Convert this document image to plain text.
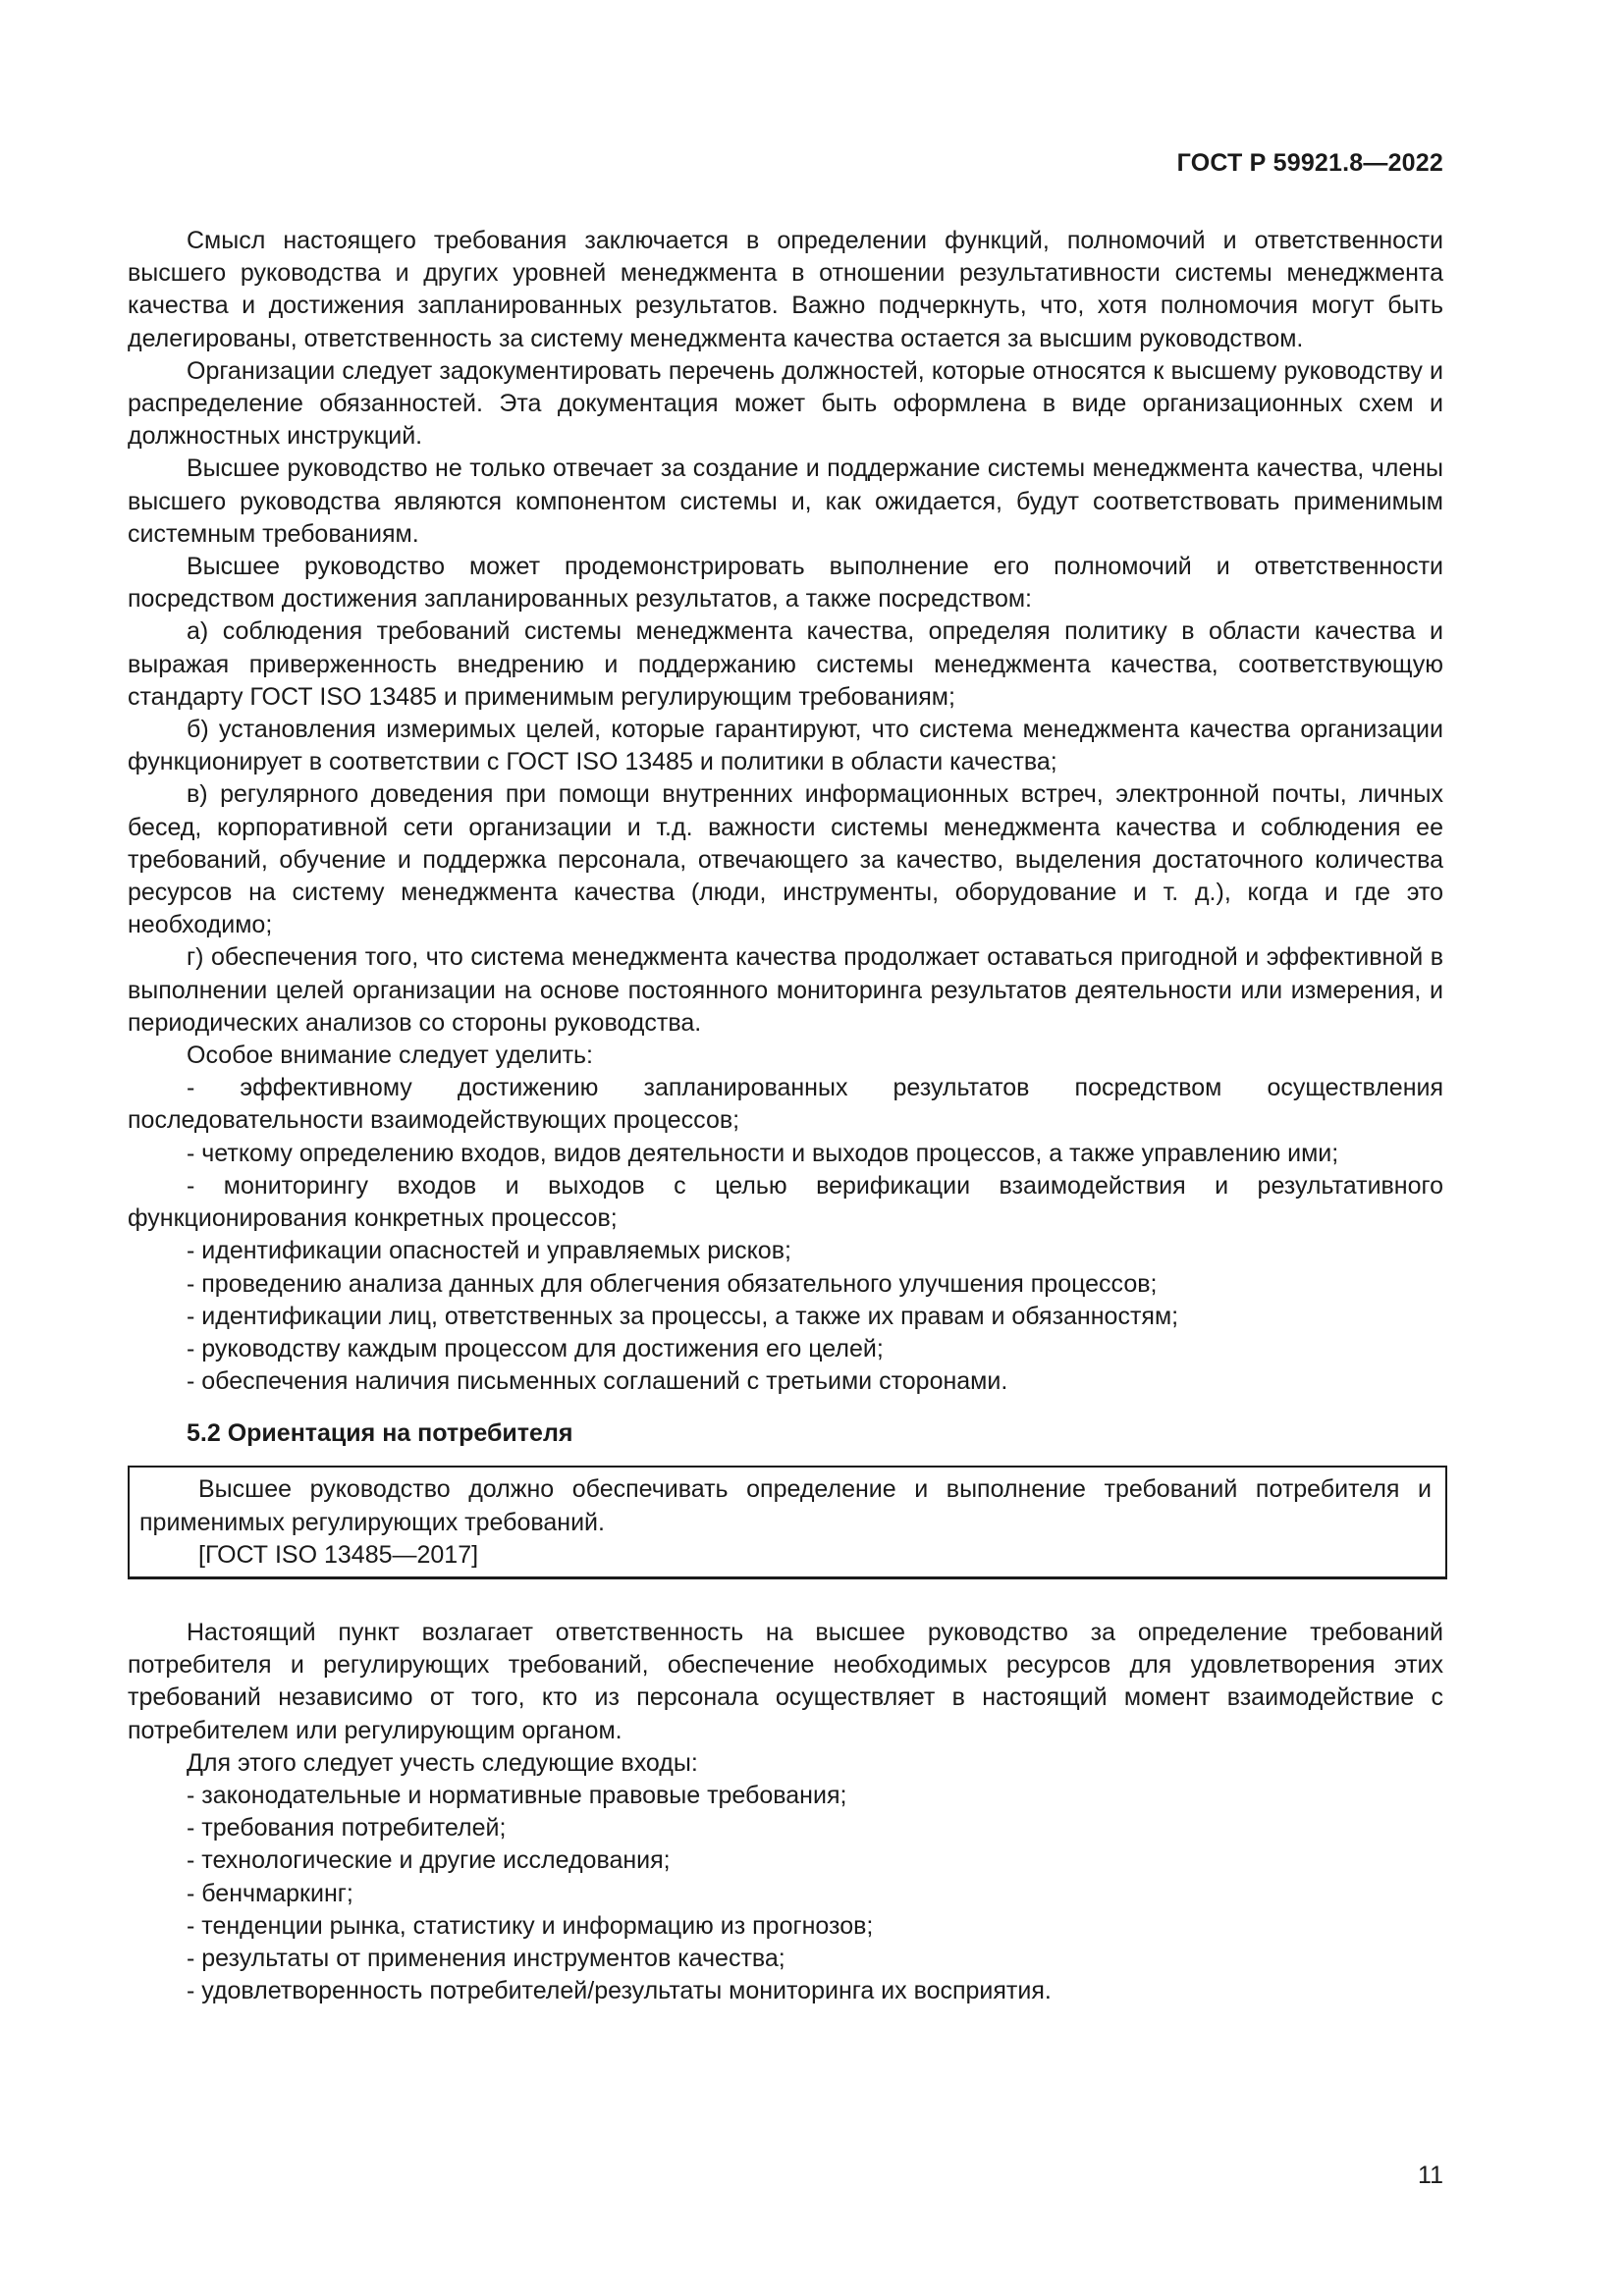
ГОСТ Р 59921.8—2022

Смысл настоящего требования заключается в определении функций, полномочий и ответственности высшего руководства и других уровней менеджмента в отношении результативности системы менеджмента качества и достижения запланированных результатов. Важно подчеркнуть, что, хотя полномочия могут быть делегированы, ответственность за систему менеджмента качества остается за высшим руководством.

Организации следует задокументировать перечень должностей, которые относятся к высшему руководству и распределение обязанностей. Эта документация может быть оформлена в виде организационных схем и должностных инструкций.

Высшее руководство не только отвечает за создание и поддержание системы менеджмента качества, члены высшего руководства являются компонентом системы и, как ожидается, будут соответствовать применимым системным требованиям.

Высшее руководство может продемонстрировать выполнение его полномочий и ответственности посредством достижения запланированных результатов, а также посредством:

а) соблюдения требований системы менеджмента качества, определяя политику в области качества и выражая приверженность внедрению и поддержанию системы менеджмента качества, соответствующую стандарту ГОСТ ISO 13485 и применимым регулирующим требованиям;

б) установления измеримых целей, которые гарантируют, что система менеджмента качества организации функционирует в соответствии с ГОСТ ISO 13485 и политики в области качества;

в) регулярного доведения при помощи внутренних информационных встреч, электронной почты, личных бесед, корпоративной сети организации и т.д. важности системы менеджмента качества и соблюдения ее требований, обучение и поддержка персонала, отвечающего за качество, выделения достаточного количества ресурсов на систему менеджмента качества (люди, инструменты, оборудование и т. д.), когда и где это необходимо;

г) обеспечения того, что система менеджмента качества продолжает оставаться пригодной и эффективной в выполнении целей организации на основе постоянного мониторинга результатов деятельности или измерения, и периодических анализов со стороны руководства.

Особое внимание следует уделить:

- эффективному достижению запланированных результатов посредством осуществления последовательности взаимодействующих процессов;

- четкому определению входов, видов деятельности и выходов процессов, а также управлению ими;

- мониторингу входов и выходов с целью верификации взаимодействия и результативного функционирования конкретных процессов;

- идентификации опасностей и управляемых рисков;

- проведению анализа данных для облегчения обязательного улучшения процессов;

- идентификации лиц, ответственных за процессы, а также их правам и обязанностям;

- руководству каждым процессом для достижения его целей;

- обеспечения наличия письменных соглашений с третьими сторонами.

5.2 Ориентация на потребителя

Высшее руководство должно обеспечивать определение и выполнение требований потребителя и применимых регулирующих требований.

[ГОСТ ISO 13485—2017]

Настоящий пункт возлагает ответственность на высшее руководство за определение требований потребителя и регулирующих требований, обеспечение необходимых ресурсов для удовлетворения этих требований независимо от того, кто из персонала осуществляет в настоящий момент взаимодействие с потребителем или регулирующим органом.

Для этого следует учесть следующие входы:

- законодательные и нормативные правовые требования;

- требования потребителей;

- технологические и другие исследования;

- бенчмаркинг;

- тенденции рынка, статистику и информацию из прогнозов;

- результаты от применения инструментов качества;

- удовлетворенность потребителей/результаты мониторинга их восприятия.

11
